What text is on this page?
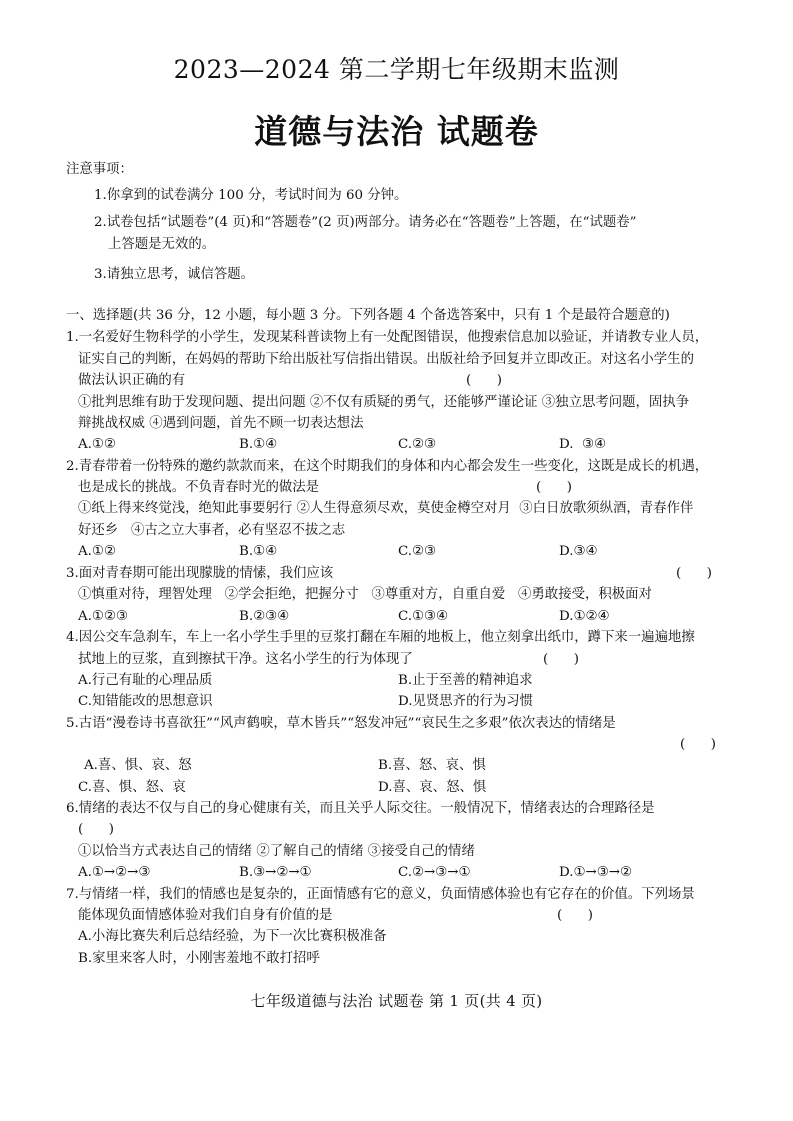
2023—2024 第二学期七年级期末监测
道德与法治 试题卷
注意事项：
1.你拿到的试卷满分 100 分，考试时间为 60 分钟。
2.试卷包括“试题卷”(4 页)和“答题卷”(2 页)两部分。请务必在“答题卷”上答题，在“试题卷”
上答题是无效的。
3.请独立思考，诚信答题。
一、选择题(共 36 分，12 小题，每小题 3 分。下列各题 4 个备选答案中，只有 1 个是最符合题意的)
1.一名爱好生物科学的小学生，发现某科普读物上有一处配图错误，他搜索信息加以验证，并请教专业人员，
证实自己的判断，在妈妈的帮助下给出版社写信指出错误。出版社给予回复并立即改正。对这名小学生的
做法认识正确的有	(      )
①批判思维有助于发现问题、提出问题 ②不仅有质疑的勇气，还能够严谨论证 ③独立思考问题，固执争
辩挑战权威 ④遇到问题，首先不顾一切表达想法
A.①②	B.①④	C.②③	D.  ③④
2.青春带着一份特殊的邀约款款而来，在这个时期我们的身体和内心都会发生一些变化，这既是成长的机遇，
也是成长的挑战。不负青春时光的做法是	(      )
①纸上得来终觉浅，绝知此事要躬行 ②人生得意须尽欢，莫使金樽空对月  ③白日放歌须纵酒，青春作伴
好还乡   ④古之立大事者，必有坚忍不拔之志
A.①②	B.①④	C.②③	D.③④
3.面对青春期可能出现朦胧的情愫，我们应该	(      )
①慎重对待，理智处理   ②学会拒绝，把握分寸   ③尊重对方，自重自爱   ④勇敢接受，积极面对
A.①②③	B.②③④	C.①③④	D.①②④
4.因公交车急刹车，车上一名小学生手里的豆浆打翻在车厢的地板上，他立刻拿出纸巾，蹲下来一遍遍地擦
拭地上的豆浆，直到擦拭干净。这名小学生的行为体现了	(      )
A.行己有耻的心理品质	B.止于至善的精神追求
C.知错能改的思想意识	D.见贤思齐的行为习惯
5.古语“漫卷诗书喜欲狂”“风声鹤唳，草木皆兵”“怒发冲冠”“哀民生之多艰”依次表达的情绪是
(      )
A.喜、惧、哀、怒	B.喜、怒、哀、惧
C.喜、惧、怒、哀	D.喜、哀、怒、惧
6.情绪的表达不仅与自己的身心健康有关，而且关乎人际交往。一般情况下，情绪表达的合理路径是
(      )
①以恰当方式表达自己的情绪 ②了解自己的情绪 ③接受自己的情绪
A.①→②→③	B.③→②→①	C.②→③→①	D.①→③→②
7.与情绪一样，我们的情感也是复杂的，正面情感有它的意义，负面情感体验也有它存在的价值。下列场景
能体现负面情感体验对我们自身有价值的是	(      )
A.小海比赛失利后总结经验，为下一次比赛积极准备
B.家里来客人时，小刚害羞地不敢打招呼
七年级道德与法治 试题卷 第 1 页(共 4 页)
